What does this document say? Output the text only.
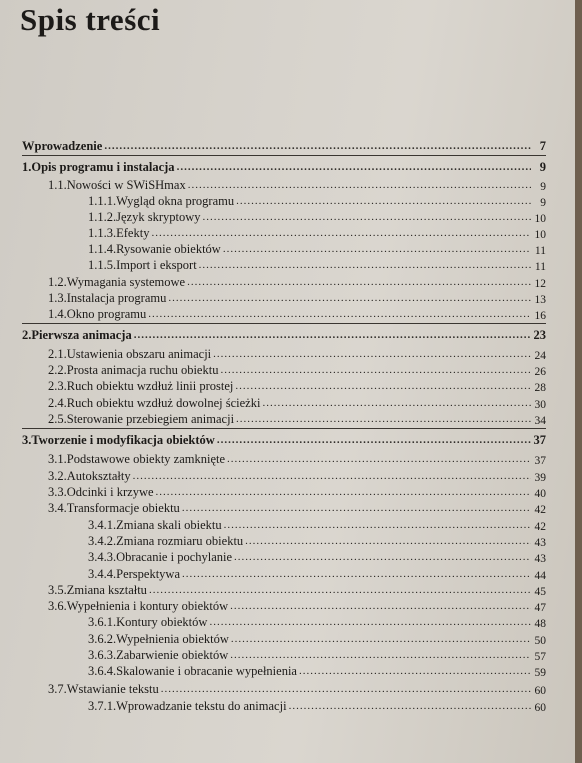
Spis treści
Wprowadzenie .....	7
1. Opis programu i instalacja .....	9
1.1. Nowości w SWiSHmax .....	9
1.1.1. Wygląd okna programu .....	9
1.1.2. Język skryptowy .....	10
1.1.3. Efekty .....	10
1.1.4. Rysowanie obiektów .....	11
1.1.5. Import i eksport .....	11
1.2. Wymagania systemowe .....	12
1.3. Instalacja programu .....	13
1.4. Okno programu .....	16
2. Pierwsza animacja .....	23
2.1. Ustawienia obszaru animacji .....	24
2.2. Prosta animacja ruchu obiektu .....	26
2.3. Ruch obiektu wzdłuż linii prostej .....	28
2.4. Ruch obiektu wzdłuż dowolnej ścieżki .....	30
2.5. Sterowanie przebiegiem animacji .....	34
3. Tworzenie i modyfikacja obiektów .....	37
3.1. Podstawowe obiekty zamknięte .....	37
3.2. Autokształty .....	39
3.3. Odcinki i krzywe .....	40
3.4. Transformacje obiektu .....	42
3.4.1. Zmiana skali obiektu .....	42
3.4.2. Zmiana rozmiaru obiektu .....	43
3.4.3. Obracanie i pochylanie .....	43
3.4.4. Perspektywa .....	44
3.5. Zmiana kształtu .....	45
3.6. Wypełnienia i kontury obiektów .....	47
3.6.1. Kontury obiektów .....	48
3.6.2. Wypełnienia obiektów .....	50
3.6.3. Zabarwienie obiektów .....	57
3.6.4. Skalowanie i obracanie wypełnienia .....	59
3.7. Wstawianie tekstu .....	60
3.7.1. Wprowadzanie tekstu do animacji .....	60
